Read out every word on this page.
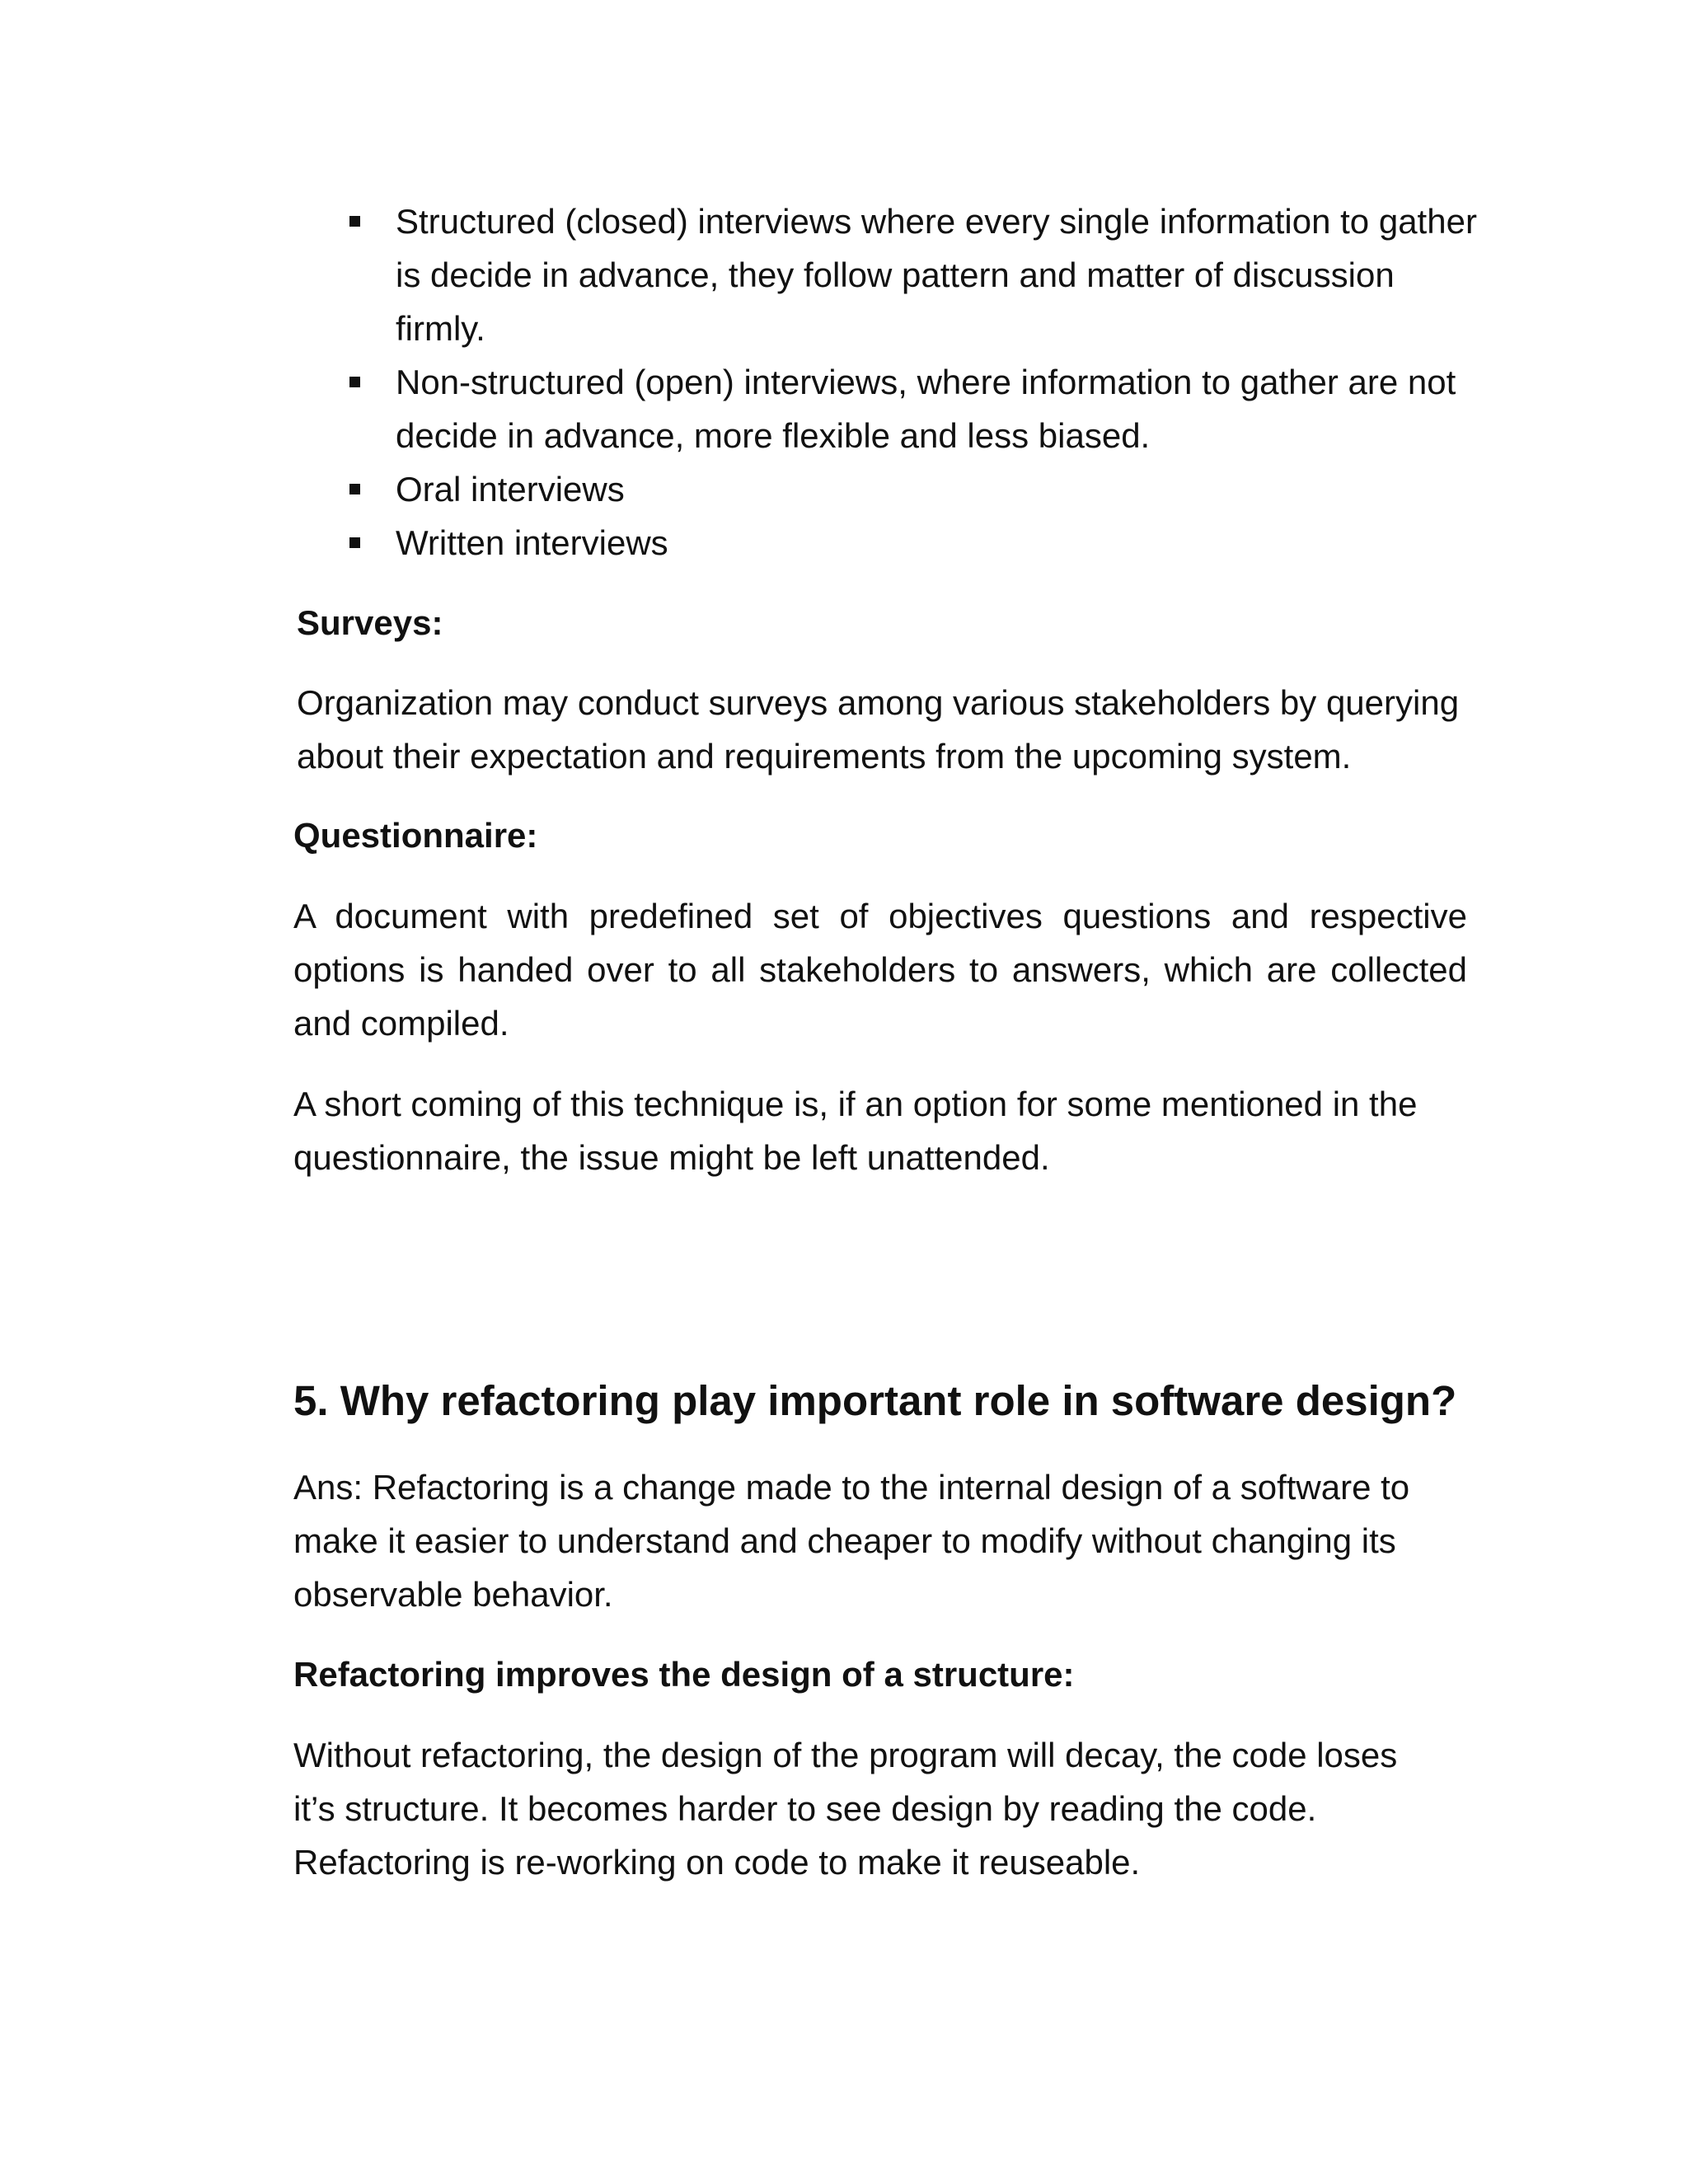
Structured (closed) interviews where every single information to gather is decide in advance, they follow pattern and matter of discussion firmly.
Non-structured (open) interviews, where information to gather are not decide in advance, more flexible and less biased.
Oral interviews
Written interviews
Surveys:

Organization may conduct surveys among various stakeholders by querying about their expectation and requirements from the upcoming system.

Questionnaire:

A document with predefined set of objectives questions and respective options is handed over to all stakeholders to answers, which are collected and compiled.

A short coming of this technique is, if an option for some mentioned in the questionnaire, the issue might be left unattended.

5. Why refactoring play important role in software design?

Ans: Refactoring is a change made to the internal design of a software to make it easier to understand and cheaper to modify without changing its observable behavior.

Refactoring improves the design of a structure:

Without refactoring, the design of the program will decay, the code loses
it’s structure. It becomes harder to see design by reading the code.
Refactoring is re-working on code to make it reuseable.
